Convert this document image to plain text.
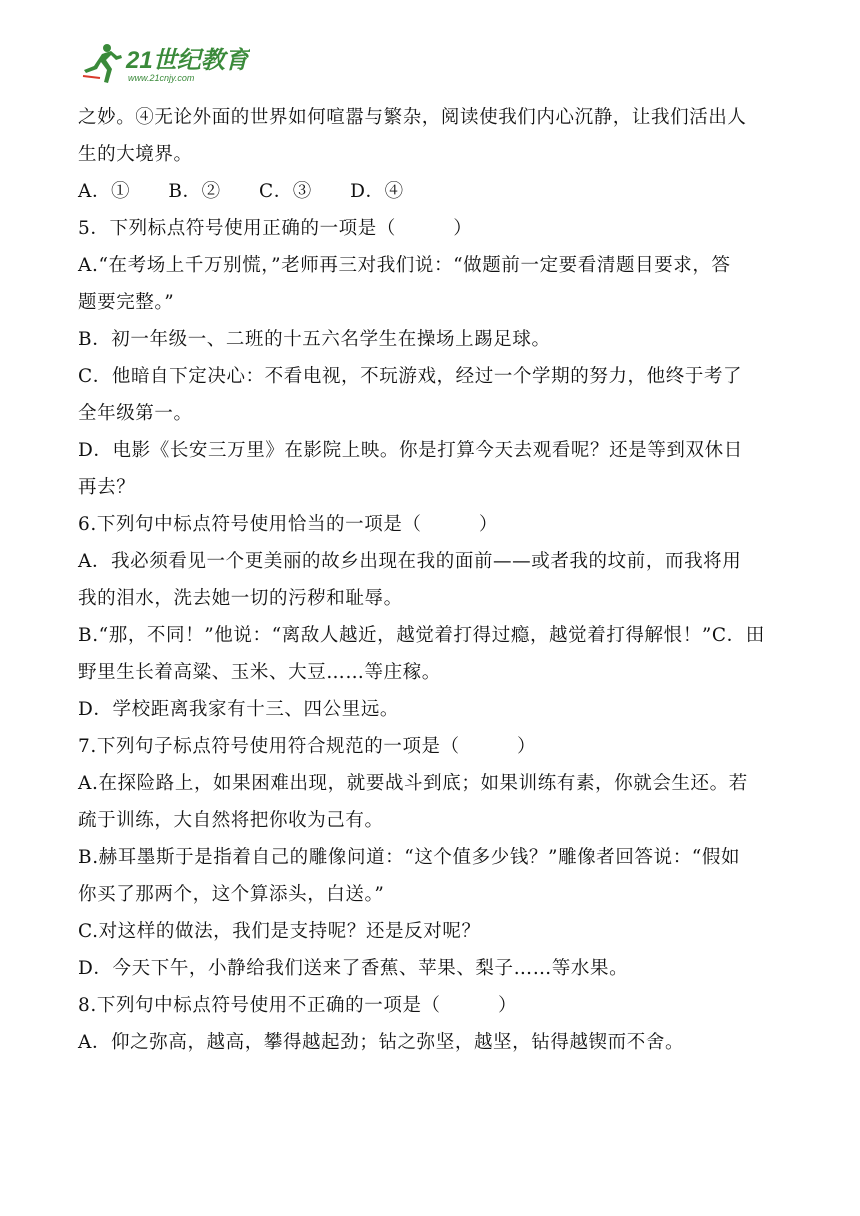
21世纪教育
www.21cnjy.com
之妙。④无论外面的世界如何喧嚣与繁杂，阅读使我们内心沉静，让我们活出人
生的大境界。
A．①　　B．②　　C．③　　D．④
5．下列标点符号使用正确的一项是（　　　）
A.“在考场上千万别慌，”老师再三对我们说：“做题前一定要看清题目要求，答
题要完整。”
B．初一年级一、二班的十五六名学生在操场上踢足球。
C．他暗自下定决心：不看电视，不玩游戏，经过一个学期的努力，他终于考了
全年级第一。
D．电影《长安三万里》在影院上映。你是打算今天去观看呢？还是等到双休日
再去？
6.下列句中标点符号使用恰当的一项是（　　　）
A．我必须看见一个更美丽的故乡出现在我的面前——或者我的坟前，而我将用
我的泪水，洗去她一切的污秽和耻辱。
B.“那，不同！”他说：“离敌人越近，越觉着打得过瘾，越觉着打得解恨！”C．田
野里生长着高粱、玉米、大豆……等庄稼。
D．学校距离我家有十三、四公里远。
7.下列句子标点符号使用符合规范的一项是（　　　）
A.在探险路上，如果困难出现，就要战斗到底；如果训练有素，你就会生还。若
疏于训练，大自然将把你收为己有。
B.赫耳墨斯于是指着自己的雕像问道：“这个值多少钱？”雕像者回答说：“假如
你买了那两个，这个算添头，白送。”
C.对这样的做法，我们是支持呢？还是反对呢？
D．今天下午，小静给我们送来了香蕉、苹果、梨子……等水果。
8.下列句中标点符号使用不正确的一项是（　　　）
A．仰之弥高，越高，攀得越起劲；钻之弥坚，越坚，钻得越锲而不舍。
